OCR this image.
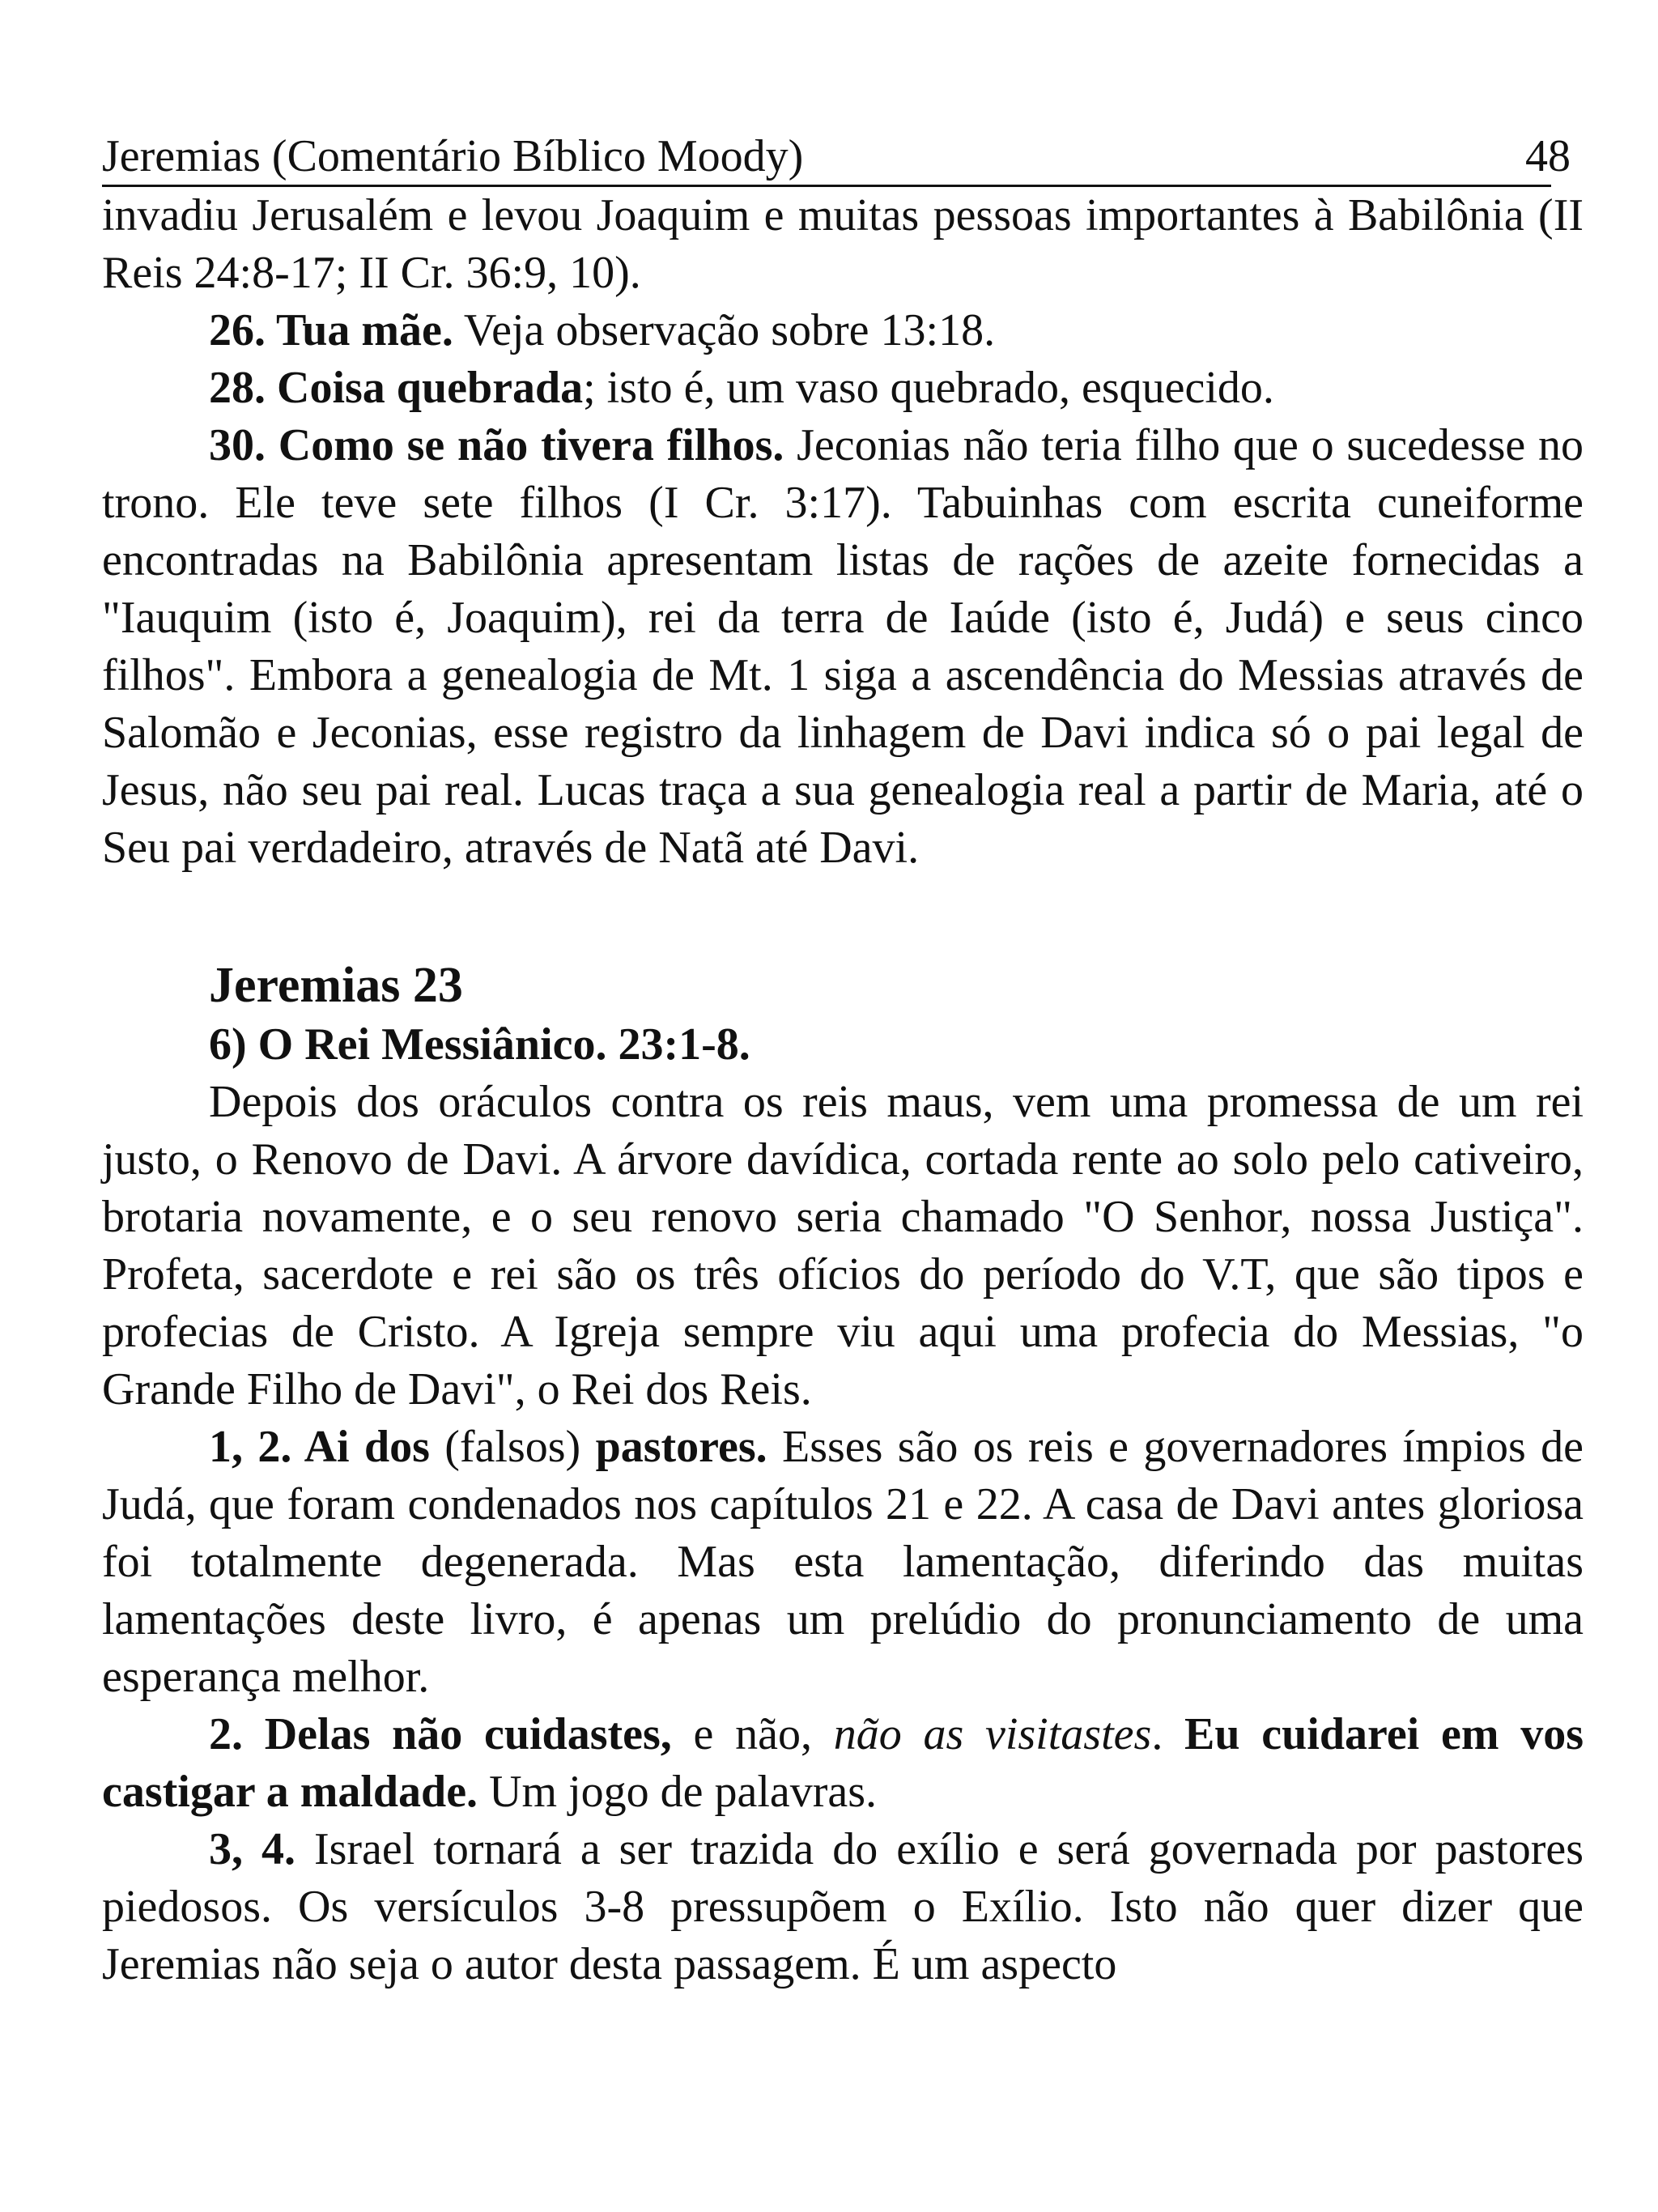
Jeremias (Comentário Bíblico Moody)	48

invadiu Jerusalém e levou Joaquim e muitas pessoas importantes à Babilônia (II Reis 24:8-17; II Cr. 36:9, 10).

26. Tua mãe. Veja observação sobre 13:18.

28. Coisa quebrada; isto é, um vaso quebrado, esquecido.

30. Como se não tivera filhos. Jeconias não teria filho que o sucedesse no trono. Ele teve sete filhos (I Cr. 3:17). Tabuinhas com escrita cuneiforme encontradas na Babilônia apresentam listas de rações de azeite fornecidas a "Iauquim (isto é, Joaquim), rei da terra de Iaúde (isto é, Judá) e seus cinco filhos". Embora a genealogia de Mt. 1 siga a ascendência do Messias através de Salomão e Jeconias, esse registro da linhagem de Davi indica só o pai legal de Jesus, não seu pai real. Lucas traça a sua genealogia real a partir de Maria, até o Seu pai verdadeiro, através de Natã até Davi.

Jeremias 23
6) O Rei Messiânico. 23:1-8.

Depois dos oráculos contra os reis maus, vem uma promessa de um rei justo, o Renovo de Davi. A árvore davídica, cortada rente ao solo pelo cativeiro, brotaria novamente, e o seu renovo seria chamado "O Senhor, nossa Justiça". Profeta, sacerdote e rei são os três ofícios do período do V.T, que são tipos e profecias de Cristo. A Igreja sempre viu aqui uma profecia do Messias, "o Grande Filho de Davi", o Rei dos Reis.

1, 2. Ai dos (falsos) pastores. Esses são os reis e governadores ímpios de Judá, que foram condenados nos capítulos 21 e 22. A casa de Davi antes gloriosa foi totalmente degenerada. Mas esta lamentação, diferindo das muitas lamentações deste livro, é apenas um prelúdio do pronunciamento de uma esperança melhor.

2. Delas não cuidastes, e não, não as visitastes. Eu cuidarei em vos castigar a maldade. Um jogo de palavras.

3, 4. Israel tornará a ser trazida do exílio e será governada por pastores piedosos. Os versículos 3-8 pressupõem o Exílio. Isto não quer dizer que Jeremias não seja o autor desta passagem. É um aspecto
